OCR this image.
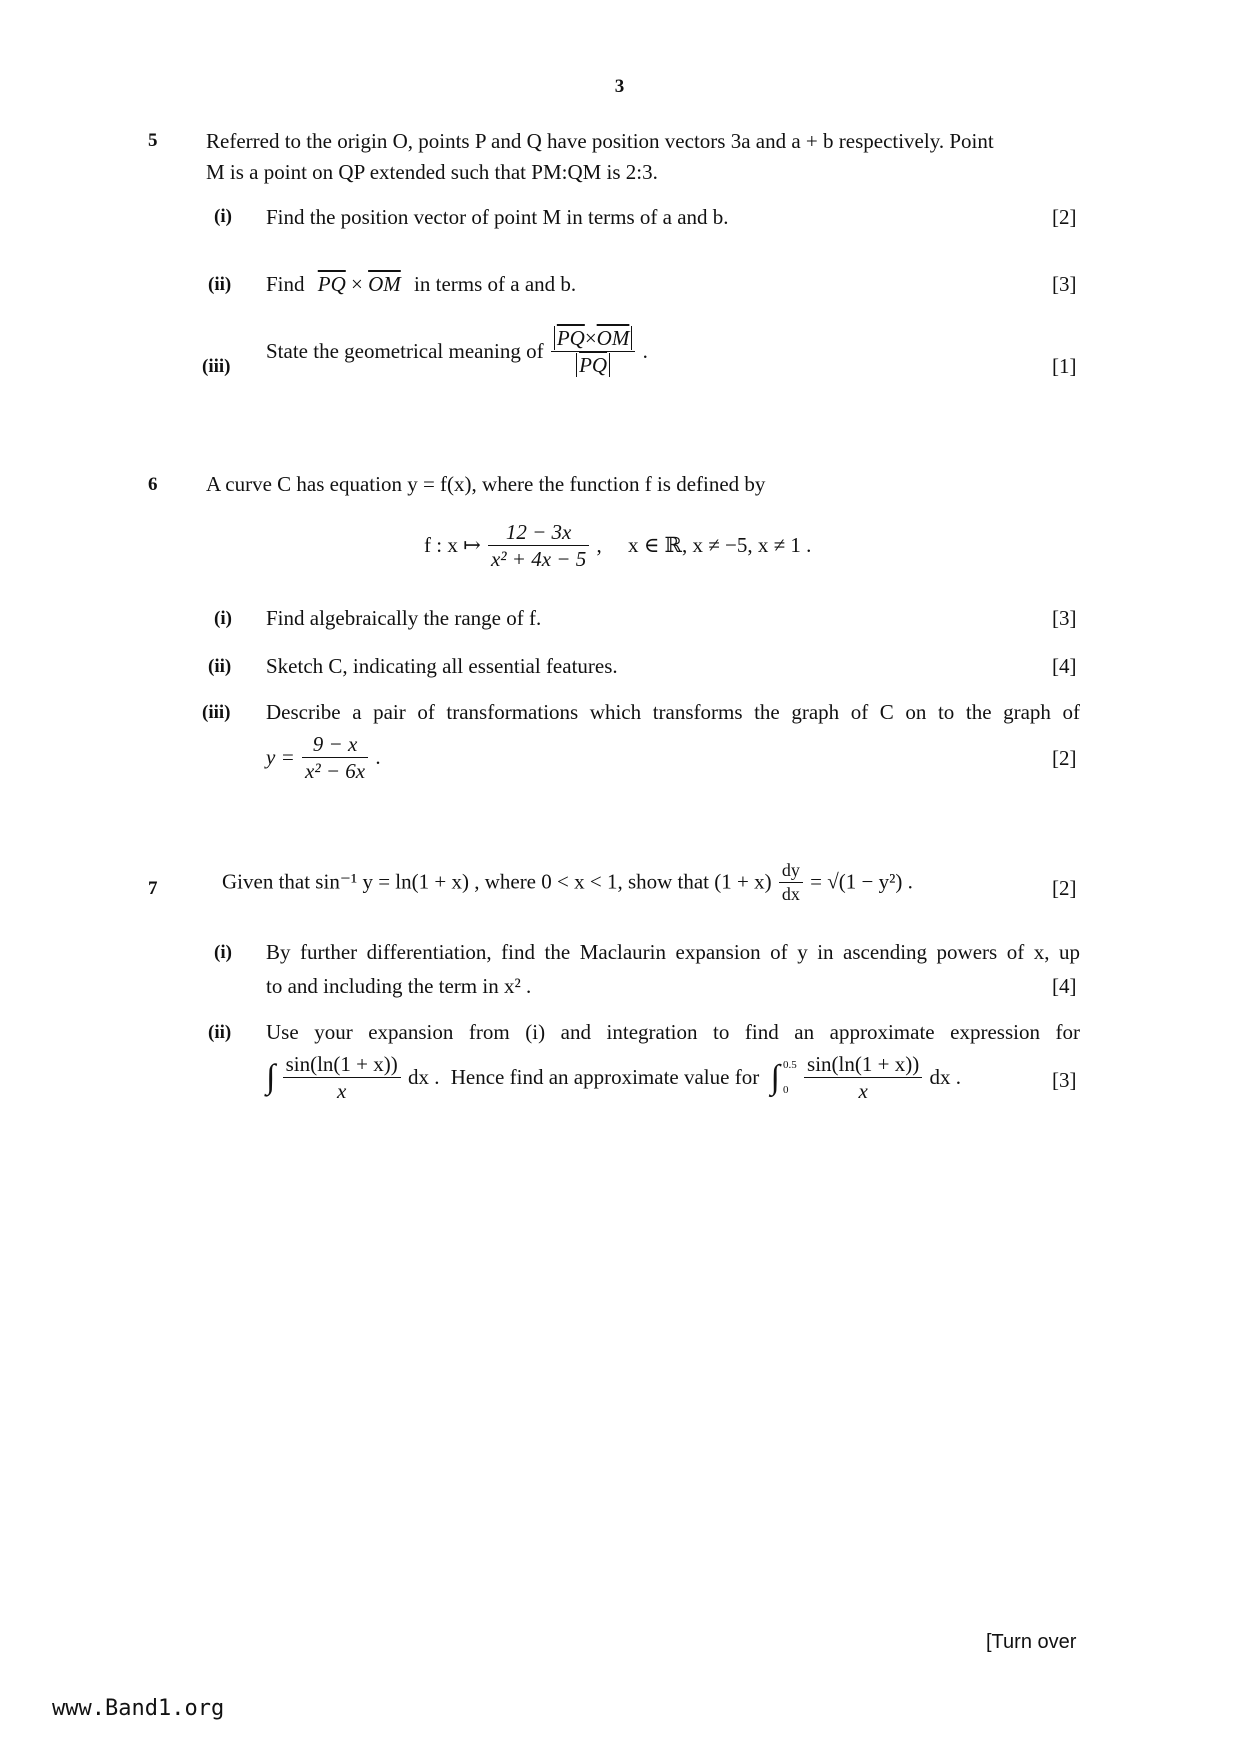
3
5 Referred to the origin O, points P and Q have position vectors 3a and a + b respectively. Point
M is a point on QP extended such that PM:QM is 2:3.
(i) Find the position vector of point M in terms of a and b.	[2]
(ii) Find $\overline{PQ} \times \overline{OM}$ in terms of a and b.	[3]
(iii)
State the geometrical meaning of $\frac{\overline{PQ}\times\overline{OM}}{PQ}$ .
[1]
6 A curve C has equation y = f(x), where the function f is defined by
f : x ↦ $\frac{12 - 3x}{\text{x² + 4x − 5}}$ ,     x ∈ ℝ, x ≠ −5, x ≠ 1 .
(i) Find algebraically the range of f.	[3]
(ii) Sketch C, indicating all essential features.	[4]
(iii) Describe a pair of transformations which transforms the graph of C on to the graph of
$y = \frac{9 - x}{\text{x² − 6x}}$ .	[2]
7	Given that sin⁻¹ y = ln(1 + x) , where 0 < x < 1, show that $(1 + x) \frac{dy}{dx} = √(1 - y^2)$ .	[2]
(i) By further differentiation, find the Maclaurin expansion of y in ascending powers of x, up
to and including the term in x² .	[4]
(ii) Use your expansion from (i) and integration to find an approximate expression for
∫ $\frac{\sin(\ln(1 + x))}{x}$ dx . Hence find an approximate value for ∫ 0.5
0
$\frac{\sin(\ln(1 + x))}{x}$ dx .	[3]
[Turn over
www.Band1.org
